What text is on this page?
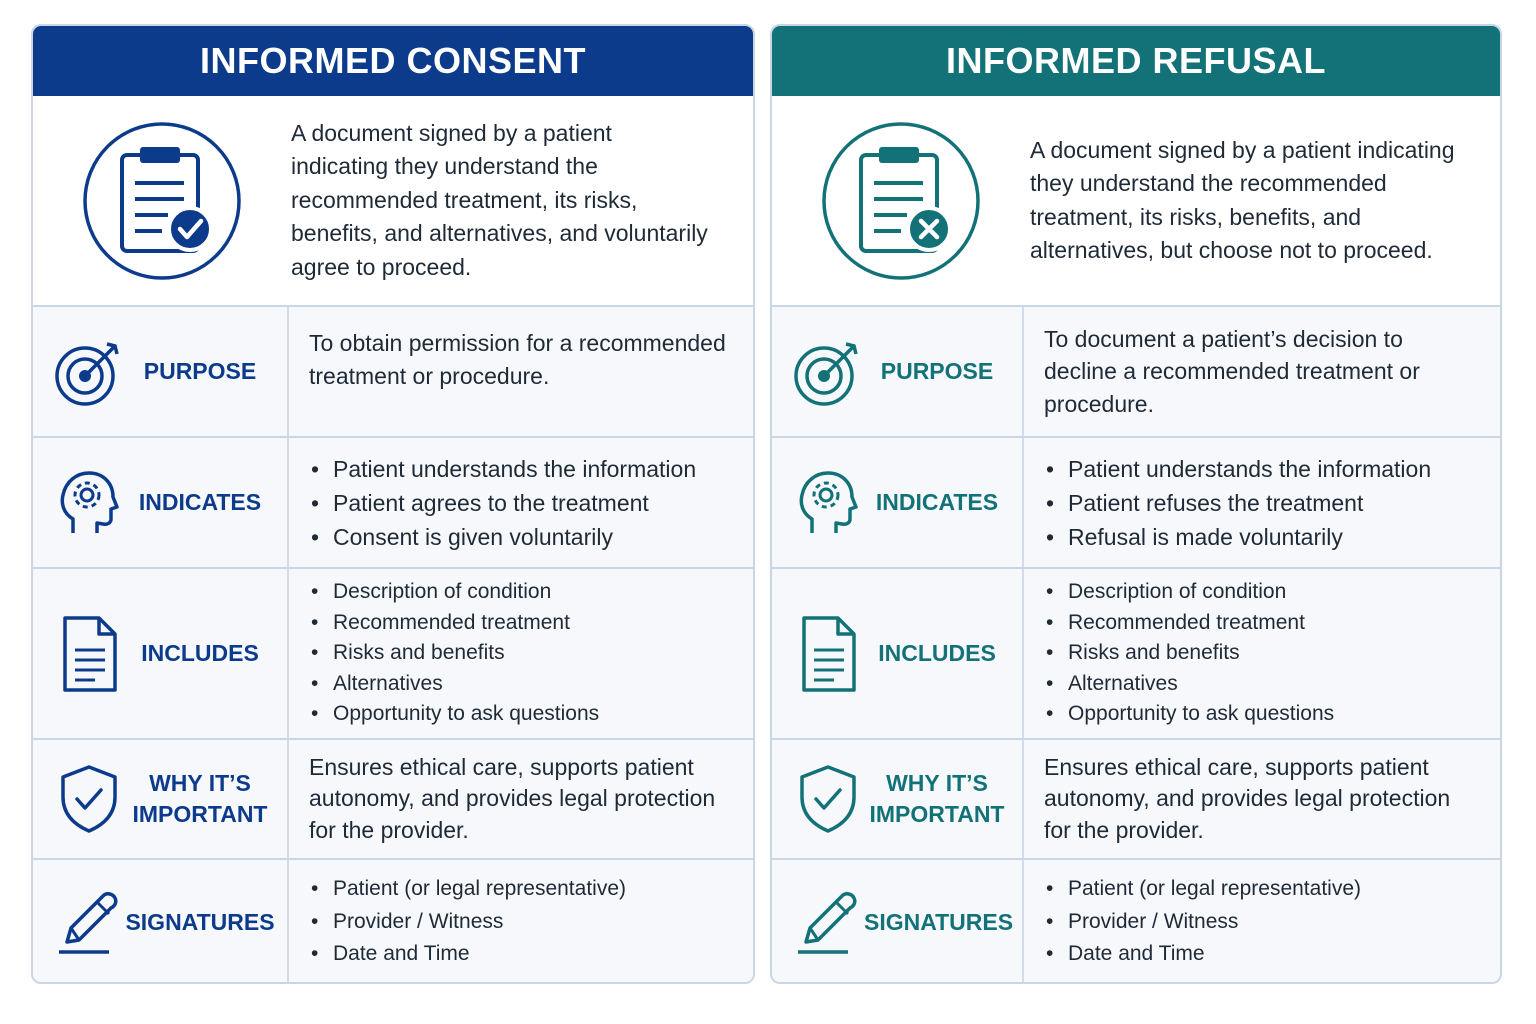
INFORMED CONSENT
A document signed by a patient indicating they understand the recommended treatment, its risks, benefits, and alternatives, and voluntarily agree to proceed.
PURPOSE
To obtain permission for a recommended treatment or procedure.
INDICATES
• Patient understands the information
• Patient agrees to the treatment
• Consent is given voluntarily
INCLUDES
• Description of condition
• Recommended treatment
• Risks and benefits
• Alternatives
• Opportunity to ask questions
WHY IT’S
IMPORTANT
Ensures ethical care, supports patient autonomy, and provides legal protection for the provider.
SIGNATURES
• Patient (or legal representative)
• Provider / Witness
• Date and Time
INFORMED REFUSAL
A document signed by a patient indicating they understand the recommended treatment, its risks, benefits, and alternatives, but choose not to proceed.
PURPOSE
To document a patient’s decision to decline a recommended treatment or procedure.
INDICATES
• Patient understands the information
• Patient refuses the treatment
• Refusal is made voluntarily
INCLUDES
• Description of condition
• Recommended treatment
• Risks and benefits
• Alternatives
• Opportunity to ask questions
WHY IT’S
IMPORTANT
Ensures ethical care, supports patient autonomy, and provides legal protection for the provider.
SIGNATURES
• Patient (or legal representative)
• Provider / Witness
• Date and Time
